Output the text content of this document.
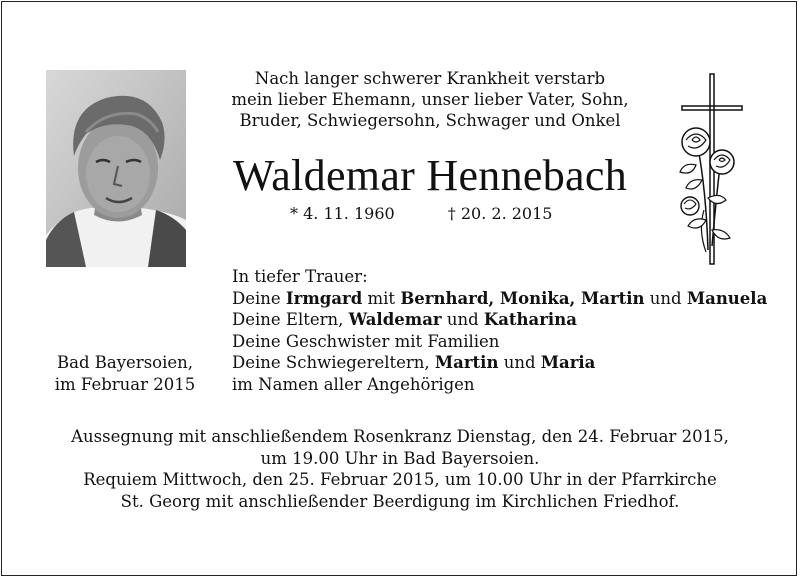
Nach langer schwerer Krankheit verstarb
mein lieber Ehemann, unser lieber Vater, Sohn,
Bruder, Schwiegersohn, Schwager und Onkel
Waldemar Hennebach
* 4. 11. 1960	† 20. 2. 2015
In tiefer Trauer:
Deine Irmgard mit Bernhard, Monika, Martin und Manuela
Deine Eltern, Waldemar und Katharina
Deine Geschwister mit Familien
Deine Schwiegereltern, Martin und Maria
im Namen aller Angehörigen
Bad Bayersoien,
im Februar 2015
Aussegnung mit anschließendem Rosenkranz Dienstag, den 24. Februar 2015,
um 19.00 Uhr in Bad Bayersoien.
Requiem Mittwoch, den 25. Februar 2015, um 10.00 Uhr in der Pfarrkirche
St. Georg mit anschließender Beerdigung im Kirchlichen Friedhof.
